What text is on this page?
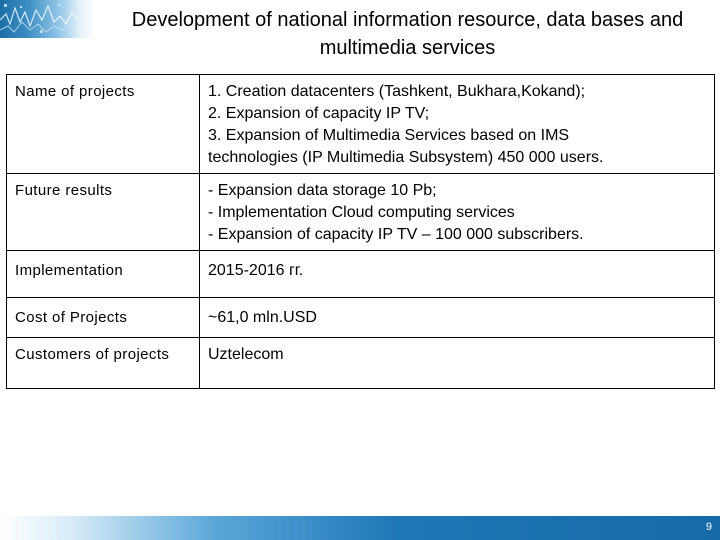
Development of national information resource, data bases and
multimedia services
Name of projects	1. Creation datacenters (Tashkent, Bukhara,Kokand);
2. Expansion of capacity IP TV;
3. Expansion of Multimedia Services based on IMS
technologies (IP Multimedia Subsystem) 450 000 users.

Future results	- Expansion data storage 10 Pb;
- Implementation Cloud computing services
- Expansion of capacity IP TV – 100 000 subscribers.

Implementation	2015-2016 гг.

Cost of Projects	~61,0 mln.USD

Customers of projects	Uztelecom
9
